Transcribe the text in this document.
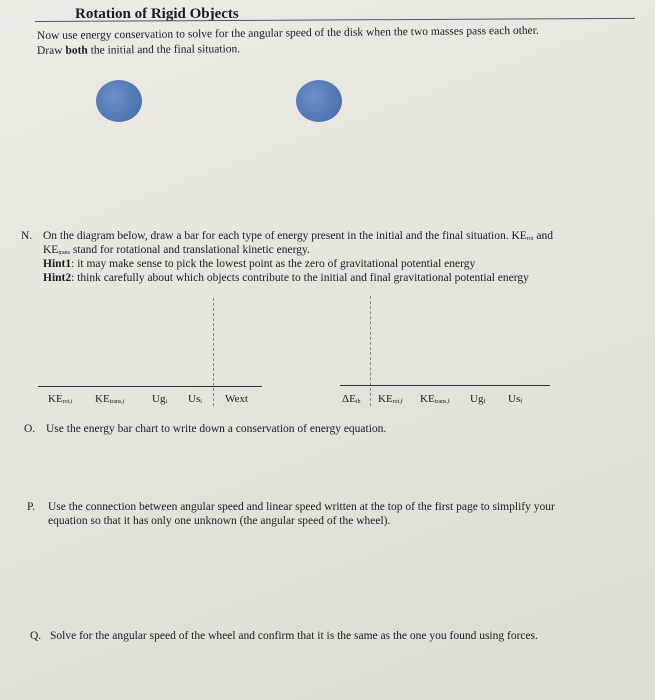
Rotation of Rigid Objects
Now use energy conservation to solve for the angular speed of the disk when the two masses pass each other.
Draw both the initial and the final situation.
N. On the diagram below, draw a bar for each type of energy present in the initial and the final situation. $KE_{rot}$ and
$KE_{trans}$ stand for rotational and translational kinetic energy.
Hint1: it may make sense to pick the lowest point as the zero of gravitational potential energy
Hint2: think carefully about which objects contribute to the initial and final gravitational potential energy
$KE_{rot,i}$ $KE_{trans,i}$ $Ug_i$ $Us_i$ Wext	$\Delta E_{th}$ $KE_{rot,f}$ $KE_{trans,f}$ $Ug_f$ $Us_f$
O. Use the energy bar chart to write down a conservation of energy equation.
P. Use the connection between angular speed and linear speed written at the top of the first page to simplify your
equation so that it has only one unknown (the angular speed of the wheel).
Q. Solve for the angular speed of the wheel and confirm that it is the same as the one you found using forces.
